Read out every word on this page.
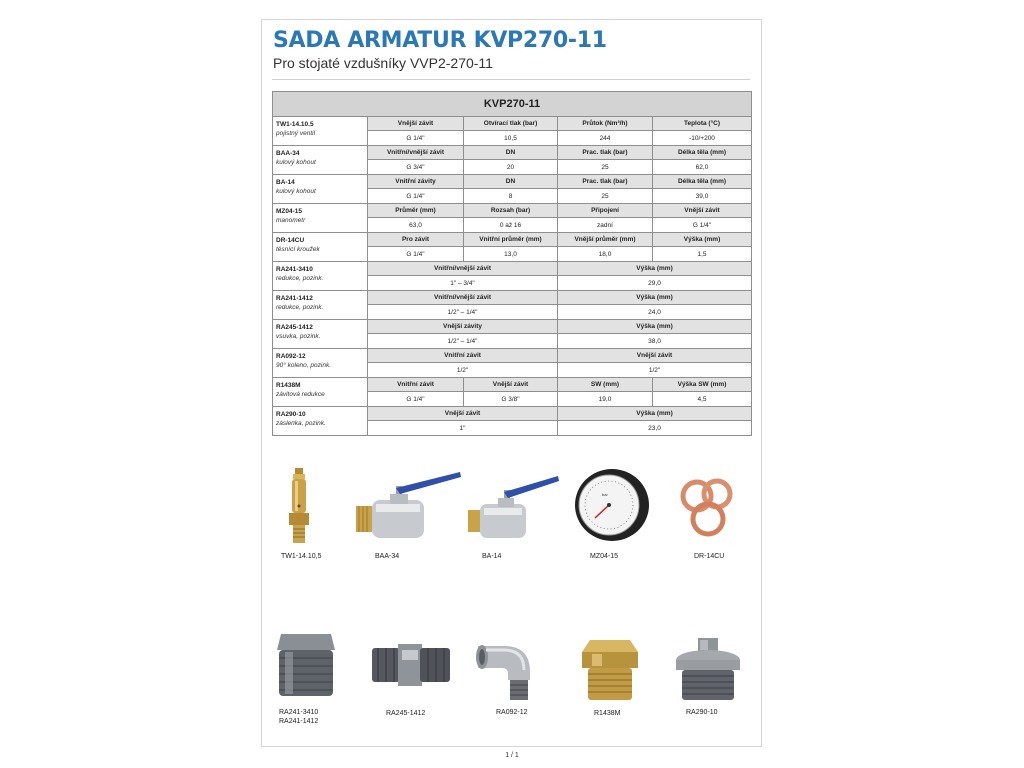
SADA ARMATUR KVP270-11
Pro stojaté vzdušníky VVP2-270-11
KVP270-11				

TW1-14.10.5
pojistný ventil	Vnější závit	Otvírací tlak (bar)	Průtok (Nm³/h)	Teplota (°C)
	G 1/4"	10,5	244	-10/+200

BAA-34
kulový kohout	Vnitřní/vnější závit	DN	Prac. tlak (bar)	Délka těla (mm)
	G 3/4"	20	25	62,0

BA-14
kulový kohout	Vnitřní závity	DN	Prac. tlak (bar)	Délka těla (mm)
	G 1/4"	8	25	39,0

MZ04-15
manometr	Průměr (mm)	Rozsah (bar)	Připojení	Vnější závit
	63,0	0 až 16	zadní	G 1/4"

DR-14CU
těsnící kroužek	Pro závit	Vnitřní průměr (mm)	Vnější průměr (mm)	Výška (mm)
	G 1/4"	13,0	18,0	1,5

RA241-3410
redukce, pozink.	Vnitřní/vnější závit		Výška (mm)	
	1" – 3/4"		29,0	

RA241-1412
redukce, pozink.	Vnitřní/vnější závit		Výška (mm)	
	1/2" – 1/4"		24,0	

RA245-1412
vsuvka, pozink.	Vnější závity		Výška (mm)	
	1/2" – 1/4"		38,0	

RA092-12
90° koleno, pozink.	Vnitřní závit		Vnější závit	
	1/2"		1/2"	

R1438M
závitová redukce	Vnitřní závit	Vnější závit	SW (mm)	Výška SW (mm)
	G 1/4"	G 3/8"	19,0	4,5

RA290-10
zásleпka, pozink.	Vnější závit		Výška (mm)	
	1"		23,0	
bar
TW1-14.10,5	BAA-34	BA-14	MZ04-15	DR-14CU
RA241-3410
RA241-1412
RA245-1412	RA092-12	R1438M	RA290-10
1 / 1
